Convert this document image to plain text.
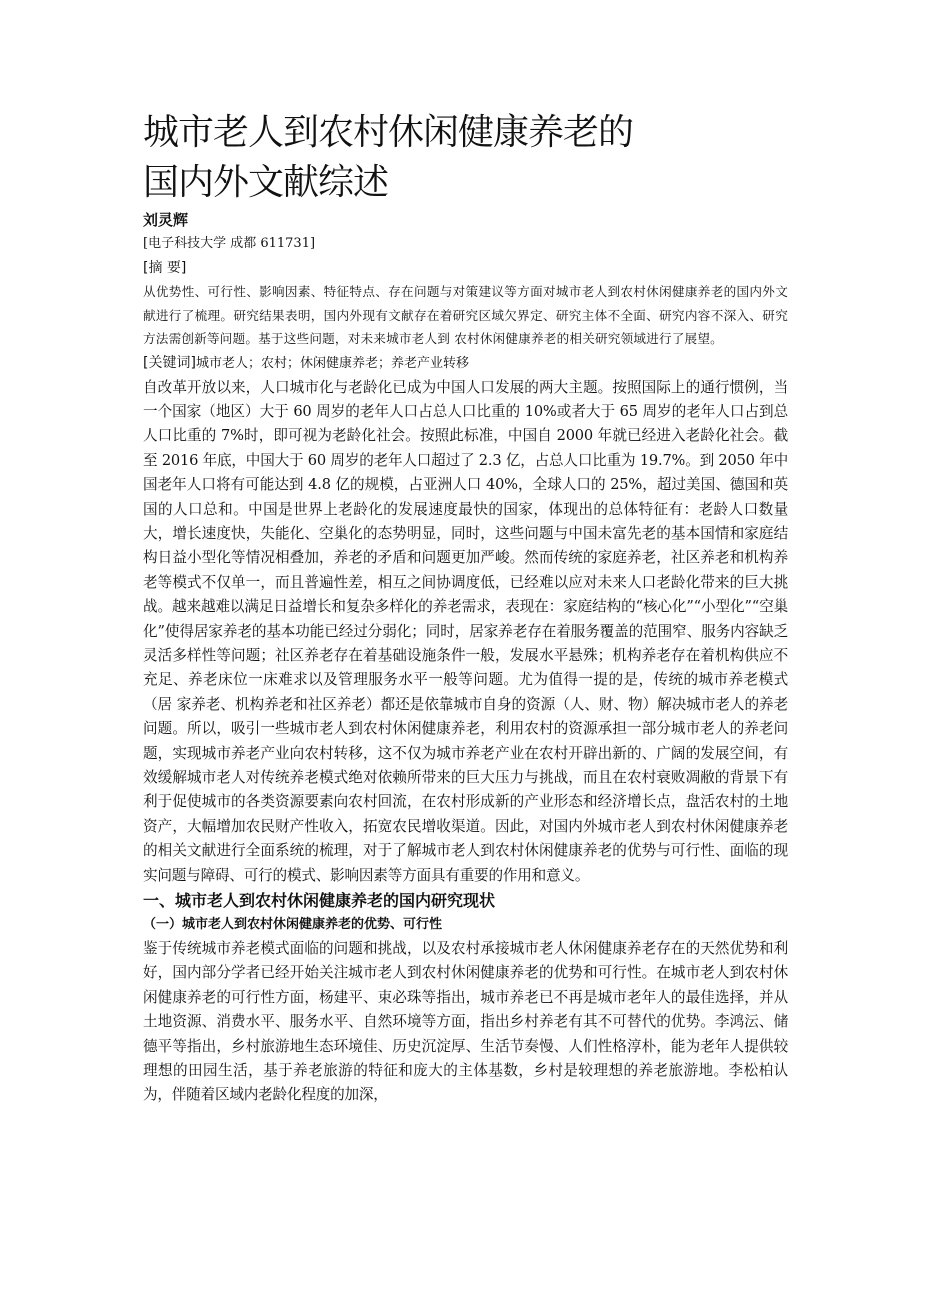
城市老人到农村休闲健康养老的
国内外文献综述
刘灵辉
[电子科技大学 成都 611731]
[摘 要]

从优势性、可行性、影响因素、特征特点、存在问题与对策建议等方面对城市老人到农村休闲健康养老的国内外文献进行了梳理。研究结果表明，国内外现有文献存在着研究区域欠界定、研究主体不全面、研究内容不深入、研究方法需创新等问题。基于这些问题，对未来城市老人到 农村休闲健康养老的相关研究领域进行了展望。

[关键词]城市老人；农村；休闲健康养老；养老产业转移

自改革开放以来，人口城市化与老龄化已成为中国人口发展的两大主题。按照国际上的通行惯例，当一个国家（地区）大于 60 周岁的老年人口占总人口比重的 10%或者大于 65 周岁的老年人口占到总人口比重的 7%时，即可视为老龄化社会。按照此标准，中国自 2000 年就已经进入老龄化社会。截至 2016 年底，中国大于 60 周岁的老年人口超过了 2.3 亿，占总人口比重为 19.7%。到 2050 年中国老年人口将有可能达到 4.8 亿的规模，占亚洲人口 40%，全球人口的 25%，超过美国、德国和英国的人口总和。中国是世界上老龄化的发展速度最快的国家，体现出的总体特征有：老龄人口数量大，增长速度快，失能化、空巢化的态势明显，同时，这些问题与中国未富先老的基本国情和家庭结构日益小型化等情况相叠加，养老的矛盾和问题更加严峻。然而传统的家庭养老，社区养老和机构养老等模式不仅单一，而且普遍性差，相互之间协调度低，已经难以应对未来人口老龄化带来的巨大挑战。越来越难以满足日益增长和复杂多样化的养老需求，表现在：家庭结构的“核心化”“小型化”“空巢化”使得居家养老的基本功能已经过分弱化；同时，居家养老存在着服务覆盖的范围窄、服务内容缺乏灵活多样性等问题；社区养老存在着基础设施条件一般，发展水平悬殊；机构养老存在着机构供应不充足、养老床位一床难求以及管理服务水平一般等问题。尤为值得一提的是，传统的城市养老模式（居 家养老、机构养老和社区养老）都还是依靠城市自身的资源（人、财、物）解决城市老人的养老问题。所以，吸引一些城市老人到农村休闲健康养老，利用农村的资源承担一部分城市老人的养老问题，实现城市养老产业向农村转移，这不仅为城市养老产业在农村开辟出新的、广阔的发展空间，有效缓解城市老人对传统养老模式绝对依赖所带来的巨大压力与挑战，而且在农村衰败凋敝的背景下有利于促使城市的各类资源要素向农村回流，在农村形成新的产业形态和经济增长点，盘活农村的土地资产，大幅增加农民财产性收入，拓宽农民增收渠道。因此，对国内外城市老人到农村休闲健康养老的相关文献进行全面系统的梳理，对于了解城市老人到农村休闲健康养老的优势与可行性、面临的现实问题与障碍、可行的模式、影响因素等方面具有重要的作用和意义。

一、城市老人到农村休闲健康养老的国内研究现状
（一）城市老人到农村休闲健康养老的优势、可行性

鉴于传统城市养老模式面临的问题和挑战，以及农村承接城市老人休闲健康养老存在的天然优势和利好，国内部分学者已经开始关注城市老人到农村休闲健康养老的优势和可行性。在城市老人到农村休闲健康养老的可行性方面，杨建平、束必珠等指出，城市养老已不再是城市老年人的最佳选择，并从土地资源、消费水平、服务水平、自然环境等方面，指出乡村养老有其不可替代的优势。李鸿沄、储德平等指出，乡村旅游地生态环境佳、历史沉淀厚、生活节奏慢、人们性格淳朴，能为老年人提供较理想的田园生活，基于养老旅游的特征和庞大的主体基数，乡村是较理想的养老旅游地。李松柏认为，伴随着区域内老龄化程度的加深，
